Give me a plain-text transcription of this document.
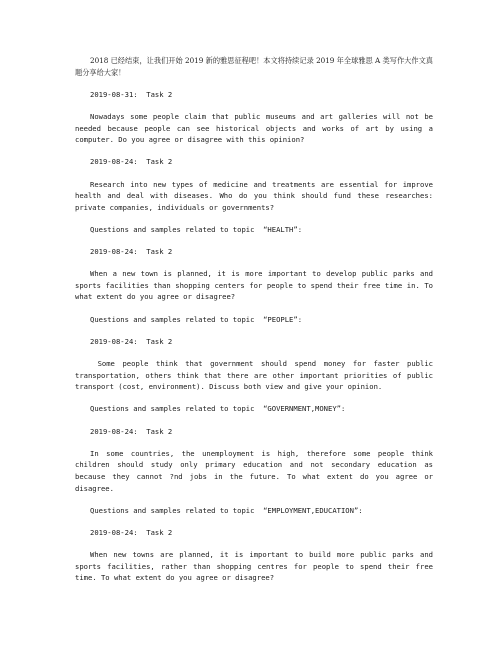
2018 已经结束，让我们开始 2019 新的雅思征程吧！本文将持续记录 2019 年全球雅思 A 类写作大作文真题分享给大家！

2019-08-31:  Task 2

Nowadays some people claim that public museums and art galleries will not be needed because people can see historical objects and works of art by using a computer. Do you agree or disagree with this opinion?

2019-08-24:  Task 2

Research into new types of medicine and treatments are essential for improve health and deal with diseases. Who do you think should fund these researches: private companies, individuals or governments?

Questions and samples related to topic  “HEALTH”:

2019-08-24:  Task 2

When a new town is planned, it is more important to develop public parks and sports facilities than shopping centers for people to spend their free time in. To what extent do you agree or disagree?

Questions and samples related to topic  “PEOPLE”:

2019-08-24:  Task 2

Some people think that government should spend money for faster public transportation, others think that there are other important priorities of public transport (cost, environment). Discuss both view and give your opinion.

Questions and samples related to topic  “GOVERNMENT,MONEY”:

2019-08-24:  Task 2

In some countries, the unemployment is high, therefore some people think children should study only primary education and not secondary education as because they cannot ?nd jobs in the future. To what extent do you agree or disagree.

Questions and samples related to topic  “EMPLOYMENT,EDUCATION”:

2019-08-24:  Task 2

When new towns are planned, it is important to build more public parks and sports facilities, rather than shopping centres for people to spend their free time. To what extent do you agree or disagree?
